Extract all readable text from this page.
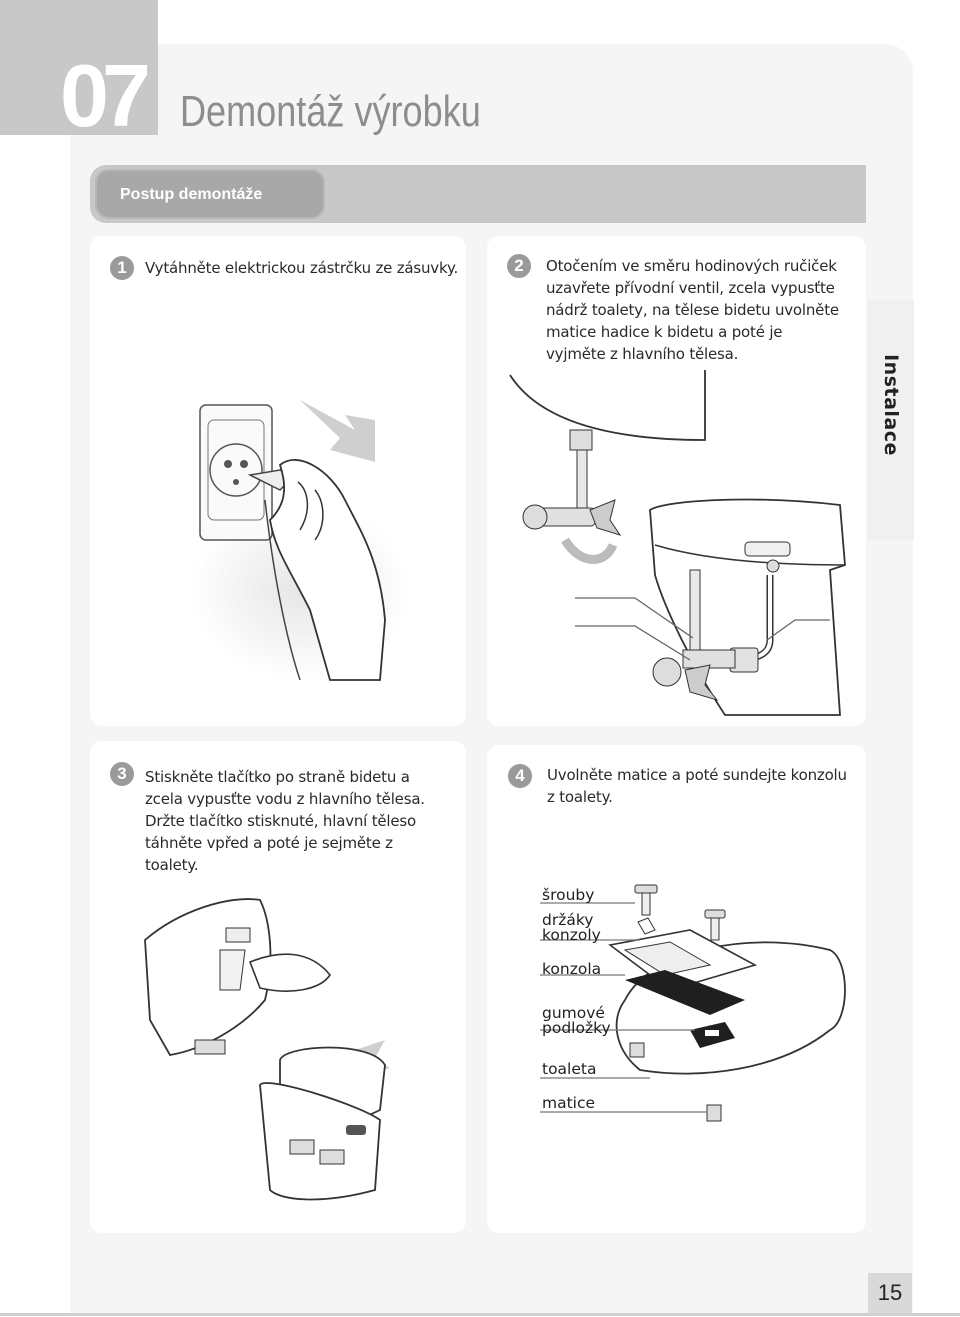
07 Demontáž výrobku
Postup demontáže
Instalace
1	Vytáhněte elektrickou zástrčku ze zásuvky.	2	Otočením ve směru hodinových ručiček
uzavřete přívodní ventil, zcela vypusťte
nádrž toalety, na tělese bidetu uvolněte
matice hadice k bidetu a poté je
vyjměte z hlavního tělesa.
3	Stiskněte tlačítko po straně bidetu a
zcela vypusťte vodu z hlavního tělesa.
Držte tlačítko stisknuté, hlavní těleso
táhněte vpřed a poté je sejměte z
toalety.
4	Uvolněte matice a poté sundejte konzolu
z toalety.
šrouby
držáky
konzoly
konzola
gumové
podložky
toaleta
matice
15
